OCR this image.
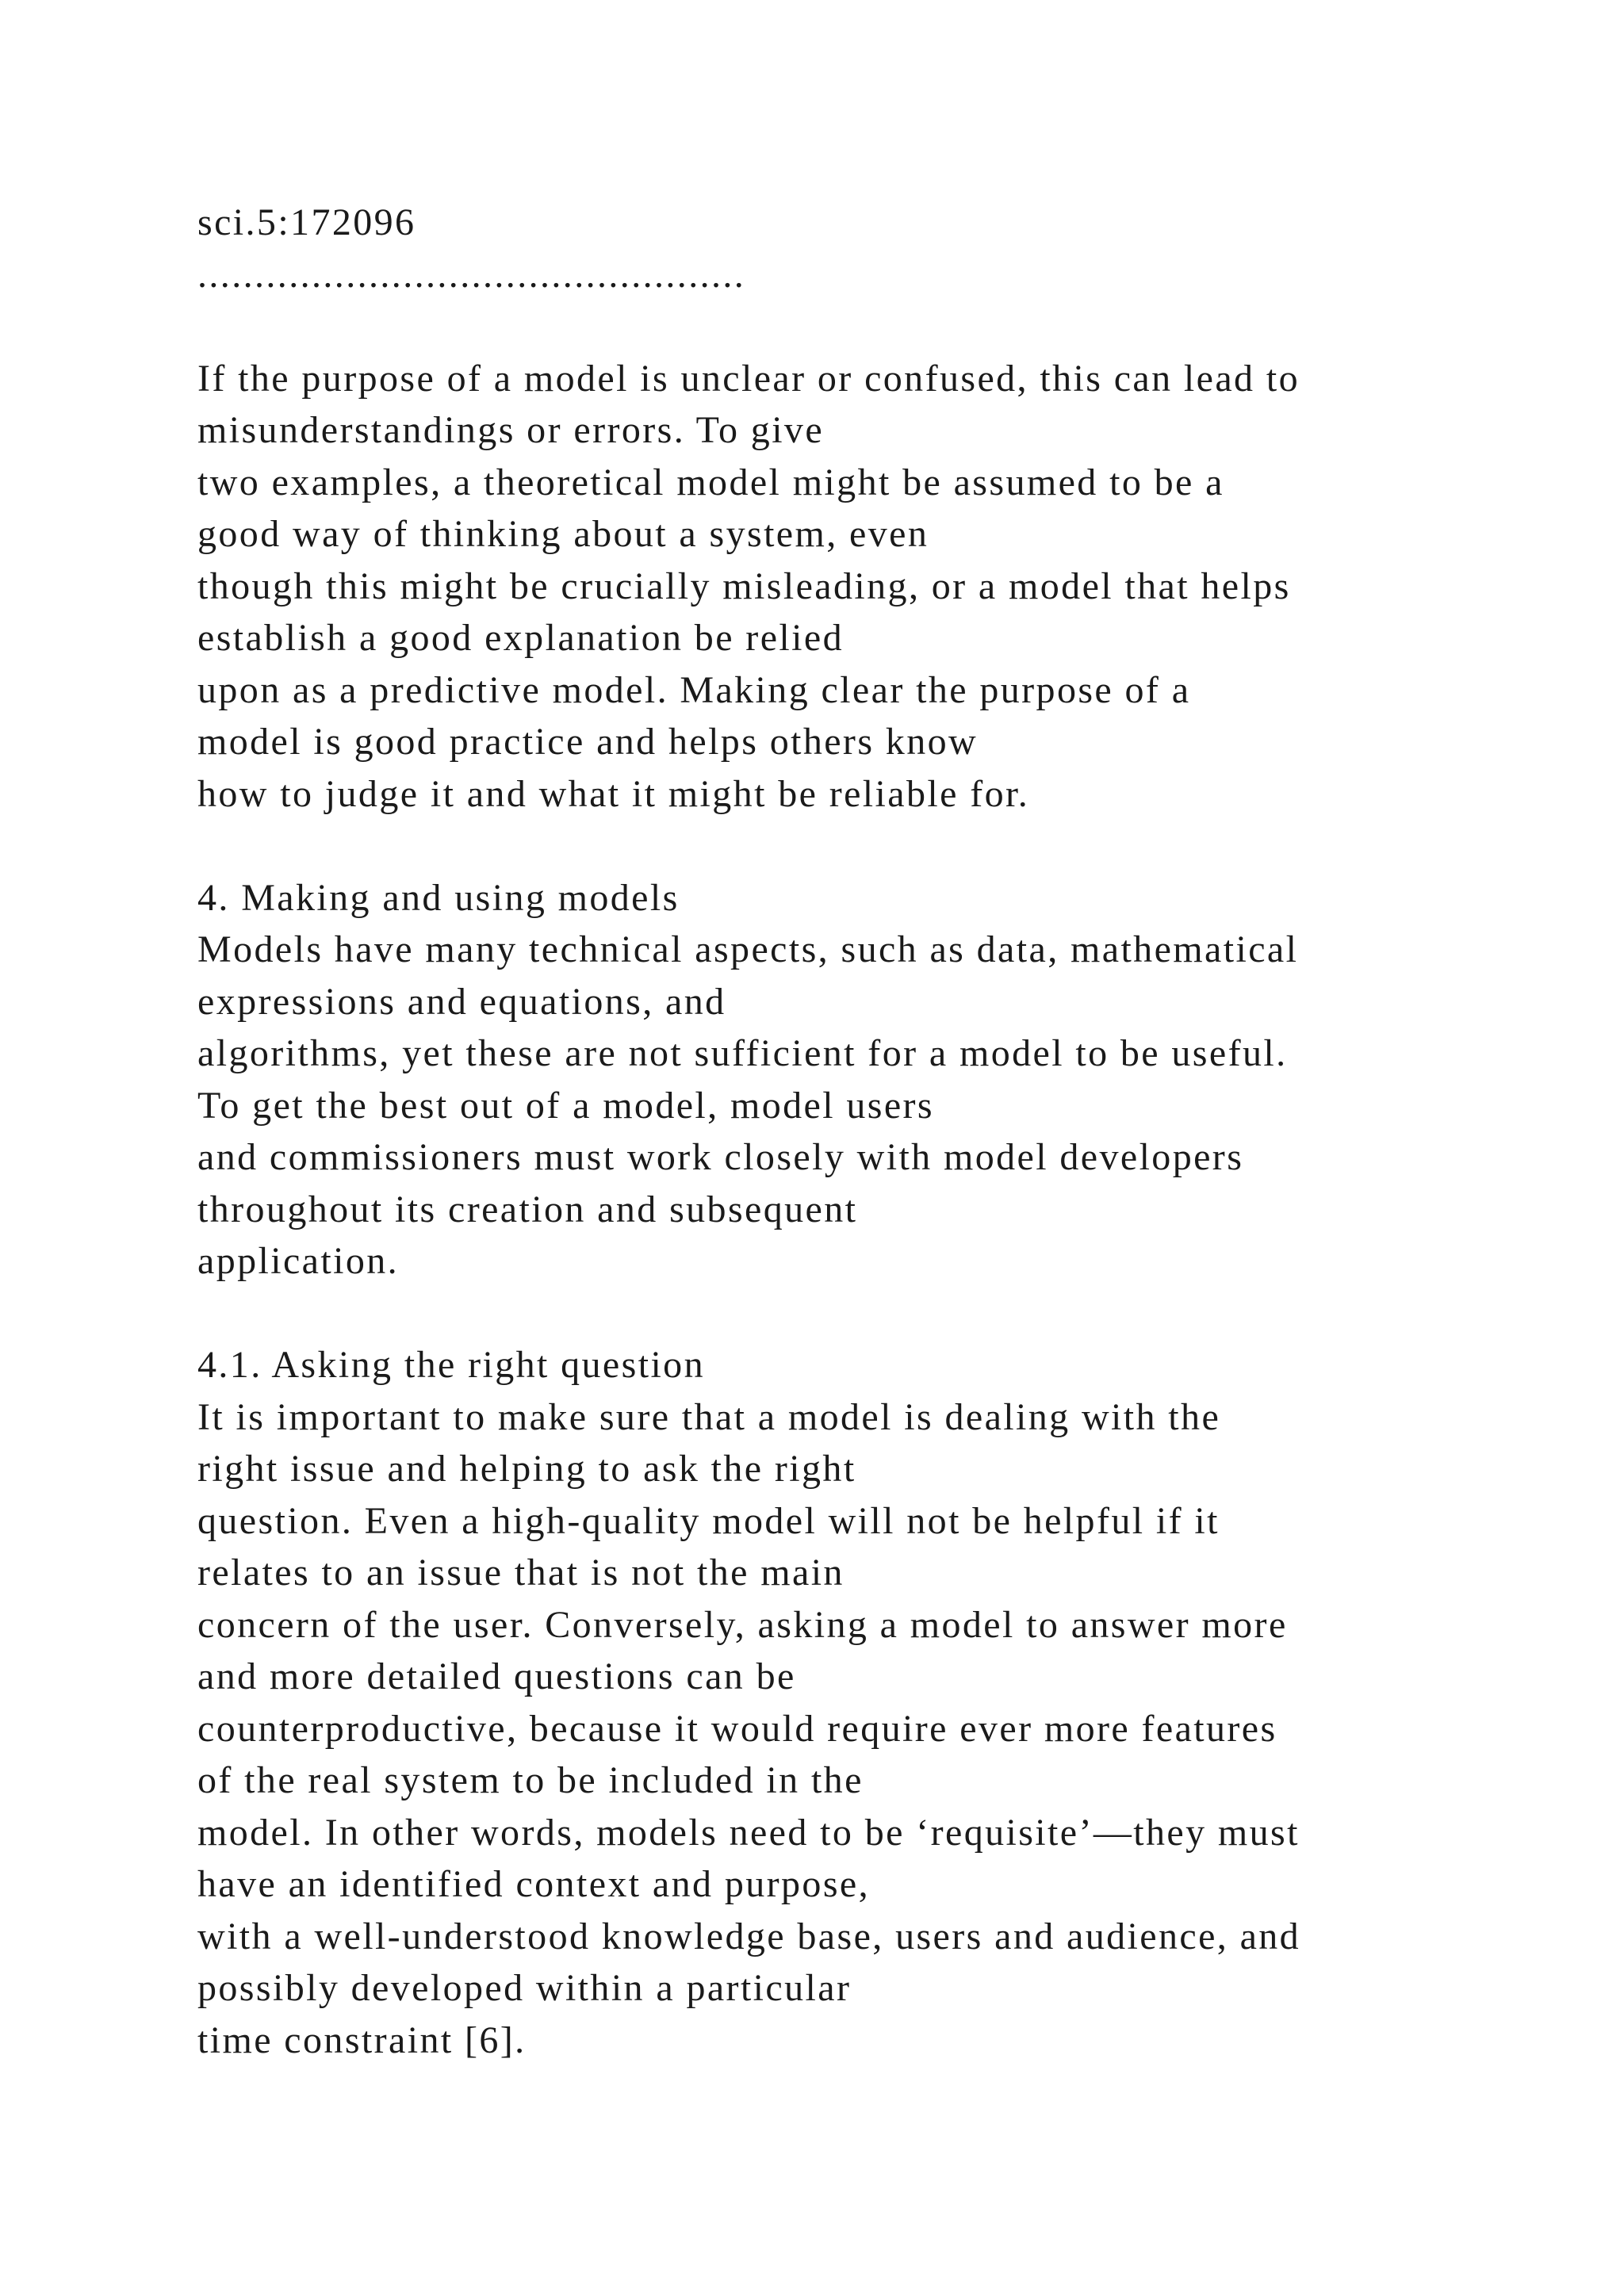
sci.5:172096
................................................
If the purpose of a model is unclear or confused, this can lead to
misunderstandings or errors. To give
two examples, a theoretical model might be assumed to be a
good way of thinking about a system, even
though this might be crucially misleading, or a model that helps
establish a good explanation be relied
upon as a predictive model. Making clear the purpose of a
model is good practice and helps others know
how to judge it and what it might be reliable for.
4. Making and using models
Models have many technical aspects, such as data, mathematical
expressions and equations, and
algorithms, yet these are not sufficient for a model to be useful.
To get the best out of a model, model users
and commissioners must work closely with model developers
throughout its creation and subsequent
application.
4.1. Asking the right question
It is important to make sure that a model is dealing with the
right issue and helping to ask the right
question. Even a high-quality model will not be helpful if it
relates to an issue that is not the main
concern of the user. Conversely, asking a model to answer more
and more detailed questions can be
counterproductive, because it would require ever more features
of the real system to be included in the
model. In other words, models need to be ‘requisite’—they must
have an identified context and purpose,
with a well-understood knowledge base, users and audience, and
possibly developed within a particular
time constraint [6].
